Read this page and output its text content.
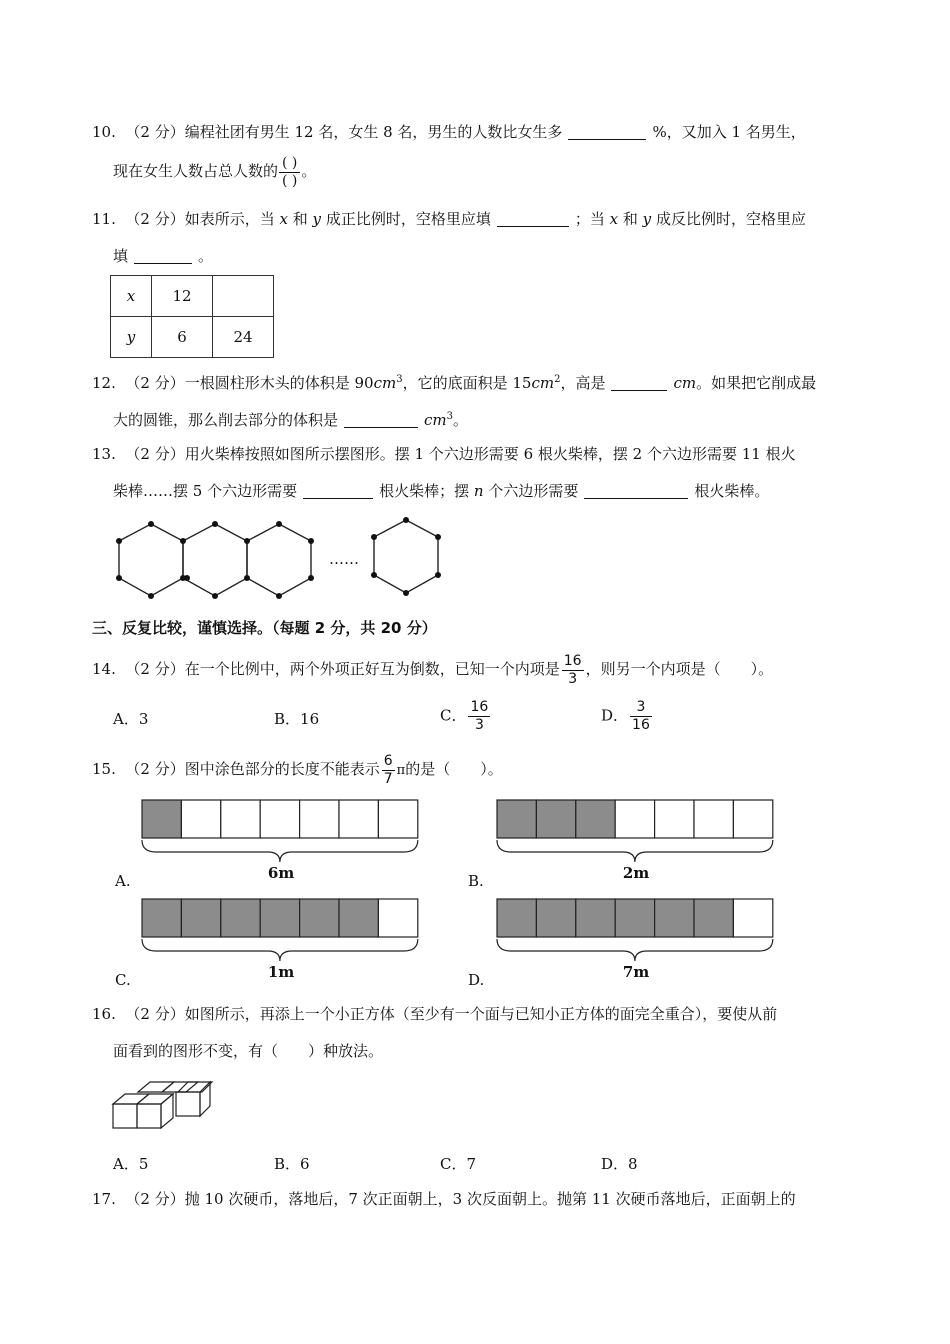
10. （2 分）编程社团有男生 12 名，女生 8 名，男生的人数比女生多	%，又加入 1 名男生，
现在女生人数占总人数的 ( )
( )
。
11. （2 分）如表所示，当 x 和 y 成正比例时，空格里应填	；当 x 和 y 成反比例时，空格里应
填	。
x	12	
y	6	24
12. （2 分）一根圆柱形木头的体积是 $90cm^3$，它的底面积是 $15cm^2$，高是	cm。如果把它削成最
大的圆锥，那么削去部分的体积是	$cm^3$。
13. （2 分）用火柴棒按照如图所示摆图形。摆 1 个六边形需要 6 根火柴棒，摆 2 个六边形需要 11 根火
柴棒……摆 5 个六边形需要	根火柴棒；摆 n 个六边形需要	根火柴棒。
……
三、反复比较，谨慎选择。（每题 2 分，共 20 分）
14. （2 分）在一个比例中，两个外项正好互为倒数，已知一个内项是 $\frac{16}{3}$ ，则另一个内项是（　　）。
A．3	B．16	C． $\frac{16}{3}$	D． $\frac{3}{16}$
15. （2 分）图中涂色部分的长度不能表示 $\frac{6}{7}$ π的是（　　）。
A.	6m	B.	2m
C.	1m	D.	7m
16. （2 分）如图所示，再添上一个小正方体（至少有一个面与已知小正方体的面完全重合），要使从前
面看到的图形不变，有（　　）种放法。
A．5	B．6	C．7	D．8
17. （2 分）抛 10 次硬币，落地后，7 次正面朝上，3 次反面朝上。抛第 11 次硬币落地后，正面朝上的
